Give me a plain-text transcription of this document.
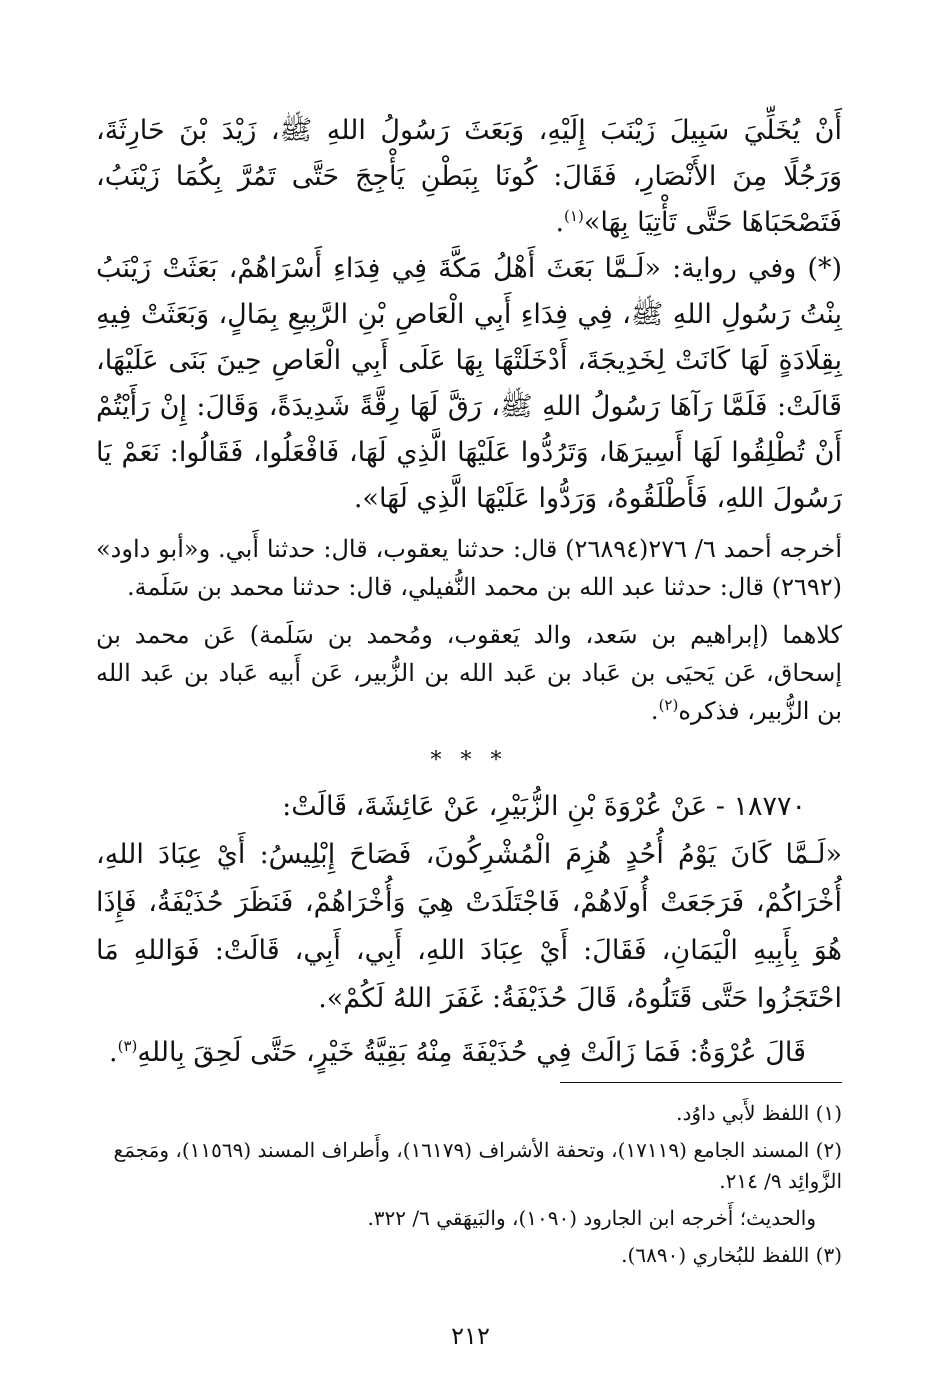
أَنْ يُخَلِّيَ سَبِيلَ زَيْنَبَ إِلَيْهِ، وَبَعَثَ رَسُولُ اللهِ ﷺ، زَيْدَ بْنَ حَارِثَةَ، وَرَجُلًا مِنَ الأَنْصَارِ، فَقَالَ: كُونَا بِبَطْنِ يَأْجِجَ حَتَّى تَمُرَّ بِكُمَا زَيْنَبُ، فَتَصْحَبَاهَا حَتَّى تَأْتِيَا بِهَا»$^{(١)}$.

(*) وفي رواية: «لَـمَّا بَعَثَ أَهْلُ مَكَّةَ فِي فِدَاءِ أَسْرَاهُمْ، بَعَثَتْ زَيْنَبُ بِنْتُ رَسُولِ اللهِ ﷺ، فِي فِدَاءِ أَبِي الْعَاصِ بْنِ الرَّبِيعِ بِمَالٍ، وَبَعَثَتْ فِيهِ بِقِلَادَةٍ لَهَا كَانَتْ لِخَدِيجَةَ، أَدْخَلَتْهَا بِهَا عَلَى أَبِي الْعَاصِ حِينَ بَنَى عَلَيْهَا، قَالَتْ: فَلَمَّا رَآهَا رَسُولُ اللهِ ﷺ، رَقَّ لَهَا رِقَّةً شَدِيدَةً، وَقَالَ: إِنْ رَأَيْتُمْ أَنْ تُطْلِقُوا لَهَا أَسِيرَهَا، وَتَرُدُّوا عَلَيْهَا الَّذِي لَهَا، فَافْعَلُوا، فَقَالُوا: نَعَمْ يَا رَسُولَ اللهِ، فَأَطْلَقُوهُ، وَرَدُّوا عَلَيْهَا الَّذِي لَهَا».

أخرجه أحمد ٦/ ٢٧٦(٢٦٨٩٤) قال: حدثنا يعقوب، قال: حدثنا أَبي. و«أبو داود» (٢٦٩٢) قال: حدثنا عبد الله بن محمد النُّفيلي، قال: حدثنا محمد بن سَلَمة.

كلاهما (إبراهيم بن سَعد، والد يَعقوب، ومُحمد بن سَلَمة) عَن محمد بن إسحاق، عَن يَحيَى بن عَباد بن عَبد الله بن الزُّبير، عَن أَبيه عَباد بن عَبد الله بن الزُّبير، فذكره$^{(٢)}$.

* * *

١٨٧٧٠ - عَنْ عُرْوَةَ بْنِ الزُّبَيْرِ، عَنْ عَائِشَةَ، قَالَتْ:

«لَـمَّا كَانَ يَوْمُ أُحُدٍ هُزِمَ الْمُشْرِكُونَ، فَصَاحَ إِبْلِيسُ: أَيْ عِبَادَ اللهِ، أُخْرَاكُمْ، فَرَجَعَتْ أُولَاهُمْ، فَاجْتَلَدَتْ هِيَ وَأُخْرَاهُمْ، فَنَظَرَ حُذَيْفَةُ، فَإِذَا هُوَ بِأَبِيهِ الْيَمَانِ، فَقَالَ: أَيْ عِبَادَ اللهِ، أَبِي، أَبِي، قَالَتْ: فَوَاللهِ مَا احْتَجَزُوا حَتَّى قَتَلُوهُ، قَالَ حُذَيْفَةُ: غَفَرَ اللهُ لَكُمْ».

قَالَ عُرْوَةُ: فَمَا زَالَتْ فِي حُذَيْفَةَ مِنْهُ بَقِيَّةُ خَيْرٍ، حَتَّى لَحِقَ بِاللهِ$^{(٣)}$.

(١) اللفظ لأَبي داوُد.

(٢) المسند الجامع (١٧١١٩)، وتحفة الأشراف (١٦١٧٩)، وأَطراف المسند (١١٥٦٩)، ومَجمَع الزَّوائِد ٩/ ٢١٤.

والحديث؛ أَخرجه ابن الجارود (١٠٩٠)، والبَيهَقي ٦/ ٣٢٢.

(٣) اللفظ للبُخاري (٦٨٩٠).

٢١٢
